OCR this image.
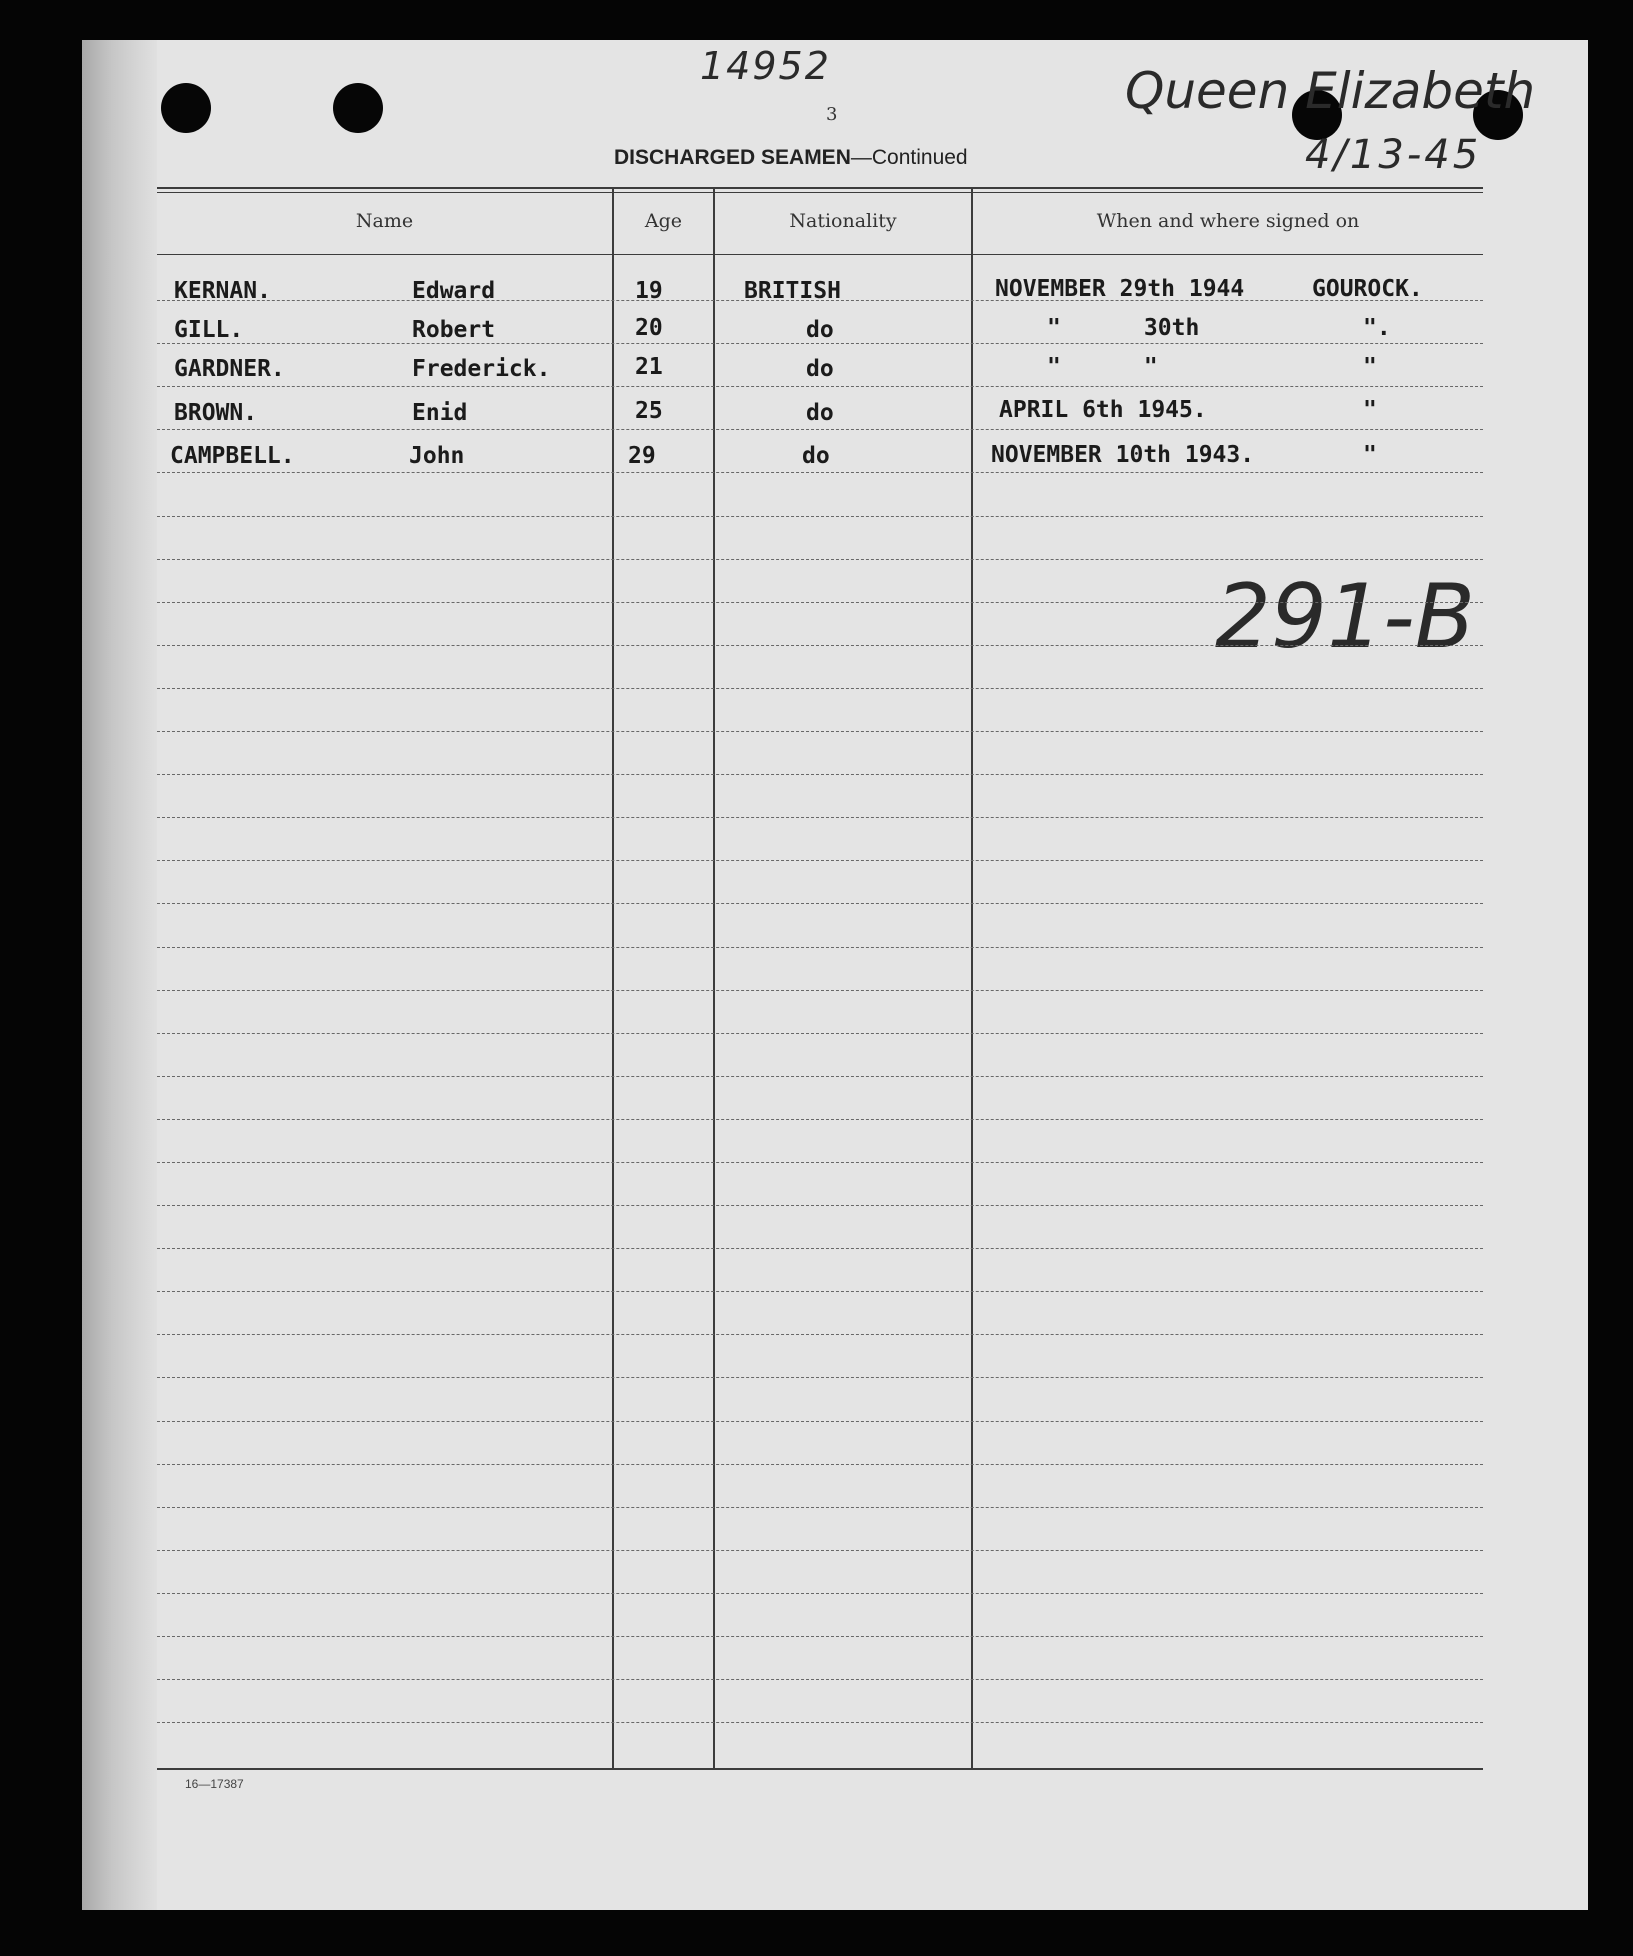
14952	Queen Elizabeth
4/13-45
291-B
3
DISCHARGED SEAMEN—Continued
Name	Age	Nationality	When and where signed on
KERNAN.	Edward	19	BRITISH	NOVEMBER 29th 1944	GOUROCK.
GILL.	Robert	20	do	"      30th	".
GARDNER.	Frederick.	21	do	"      "	"
BROWN.	Enid	25	do	APRIL 6th 1945.	"
CAMPBELL.	John	29	do	NOVEMBER 10th 1943.	"
16—17387
